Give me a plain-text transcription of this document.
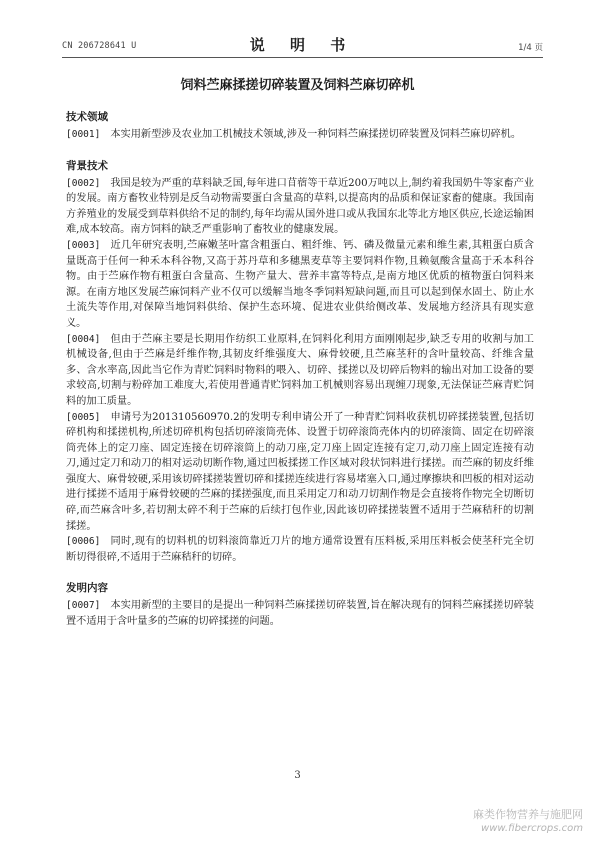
CN 206728641 U	说 明 书	1/4 页
饲料苎麻揉搓切碎装置及饲料苎麻切碎机
技术领域

[0001] 本实用新型涉及农业加工机械技术领域,涉及一种饲料苎麻揉搓切碎装置及饲料苎麻切碎机。

背景技术

[0002] 我国是较为严重的草料缺乏国,每年进口苜蓿等干草近200万吨以上,制约着我国奶牛等家畜产业的发展。南方畜牧业特别是反刍动物需要蛋白含量高的草料,以提高肉的品质和保证家畜的健康。我国南方养殖业的发展受到草料供给不足的制约,每年均需从国外进口或从我国东北等北方地区供应,长途运输困难,成本较高。南方饲料的缺乏严重影响了畜牧业的健康发展。

[0003] 近几年研究表明,苎麻嫩茎叶富含粗蛋白、粗纤维、钙、磷及微量元素和维生素,其粗蛋白质含量既高于任何一种禾本科谷物,又高于苏丹草和多穗黑麦草等主要饲料作物,且赖氨酸含量高于禾本科谷物。由于苎麻作物有粗蛋白含量高、生物产量大、营养丰富等特点,是南方地区优质的植物蛋白饲料来源。在南方地区发展苎麻饲料产业不仅可以缓解当地冬季饲料短缺问题,而且可以起到保水固土、防止水土流失等作用,对保障当地饲料供给、保护生态环境、促进农业供给侧改革、发展地方经济具有现实意义。

[0004] 但由于苎麻主要是长期用作纺织工业原料,在饲料化利用方面刚刚起步,缺乏专用的收割与加工机械设备,但由于苎麻是纤维作物,其韧皮纤维强度大、麻骨较硬,且苎麻茎秆的含叶量较高、纤维含量多、含水率高,因此当它作为青贮饲料时物料的喂入、切碎、揉搓以及切碎后物料的输出对加工设备的要求较高,切割与粉碎加工难度大,若使用普通青贮饲料加工机械则容易出现缠刀现象,无法保证苎麻青贮饲料的加工质量。

[0005] 申请号为201310560970.2的发明专利申请公开了一种青贮饲料收获机切碎揉搓装置,包括切碎机构和揉搓机构,所述切碎机构包括切碎滚筒壳体、设置于切碎滚筒壳体内的切碎滚筒、固定在切碎滚筒壳体上的定刀座、固定连接在切碎滚筒上的动刀座,定刀座上固定连接有定刀,动刀座上固定连接有动刀,通过定刀和动刀的相对运动切断作物,通过凹板揉搓工作区域对段状饲料进行揉搓。而苎麻的韧皮纤维强度大、麻骨较硬,采用该切碎揉搓装置切碎和揉搓连续进行容易堵塞入口,通过摩擦块和凹板的相对运动进行揉搓不适用于麻骨较硬的苎麻的揉搓强度,而且采用定刀和动刀切割作物是会直接将作物完全切断切碎,而苎麻含叶多,若切割太碎不利于苎麻的后续打包作业,因此该切碎揉搓装置不适用于苎麻秸秆的切割揉搓。

[0006] 同时,现有的切料机的切料滚筒靠近刀片的地方通常设置有压料板,采用压料板会使茎秆完全切断切得很碎,不适用于苎麻秸秆的切碎。

发明内容

[0007] 本实用新型的主要目的是提出一种饲料苎麻揉搓切碎装置,旨在解决现有的饲料苎麻揉搓切碎装置不适用于含叶量多的苎麻的切碎揉搓的问题。

3
麻类作物营养与施肥网
www.fibercrops.com
